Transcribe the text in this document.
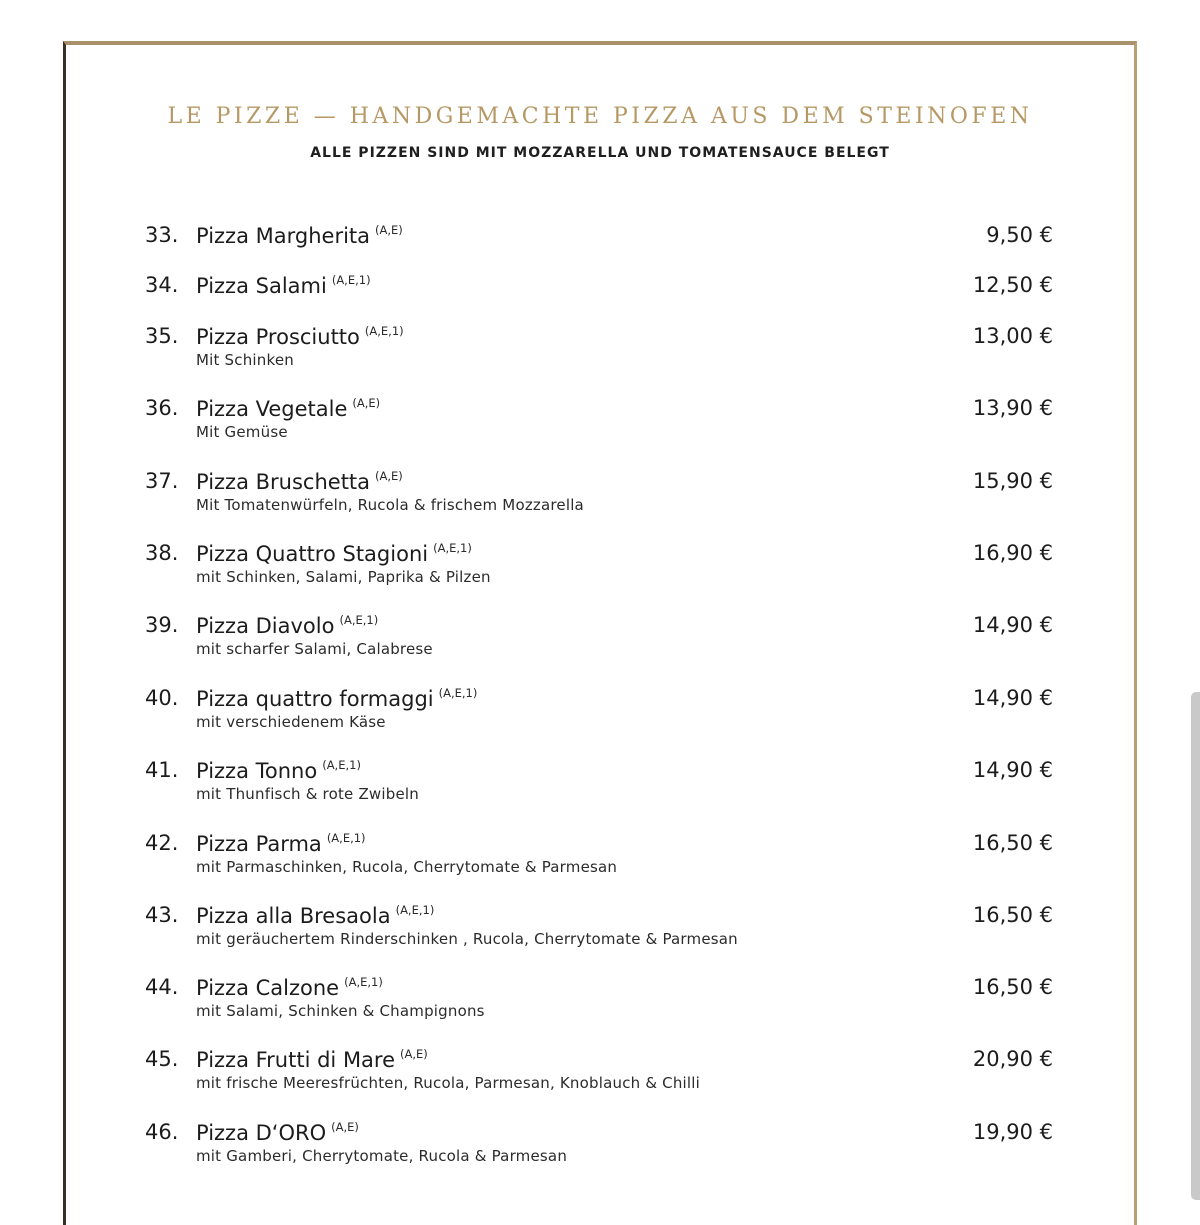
LE PIZZE — HANDGEMACHTE PIZZA AUS DEM STEINOFEN
ALLE PIZZEN SIND MIT MOZZARELLA UND TOMATENSAUCE BELEGT
33. Pizza Margherita $^{(A,E)}$	9,50 €
34. Pizza Salami $^{(A,E,1)}$	12,50 €
35. Pizza Prosciutto $^{(A,E,1)}$	13,00 €
Mit Schinken
36. Pizza Vegetale $^{(A,E)}$	13,90 €
Mit Gemüse
37. Pizza Bruschetta $^{(A,E)}$	15,90 €
Mit Tomatenwürfeln, Rucola & frischem Mozzarella
38. Pizza Quattro Stagioni $^{(A,E,1)}$	16,90 €
mit Schinken, Salami, Paprika & Pilzen
39. Pizza Diavolo $^{(A,E,1)}$	14,90 €
mit scharfer Salami, Calabrese
40. Pizza quattro formaggi $^{(A,E,1)}$	14,90 €
mit verschiedenem Käse
41. Pizza Tonno $^{(A,E,1)}$	14,90 €
mit Thunfisch & rote Zwibeln
42. Pizza Parma $^{(A,E,1)}$	16,50 €
mit Parmaschinken, Rucola, Cherrytomate & Parmesan
43. Pizza alla Bresaola $^{(A,E,1)}$	16,50 €
mit geräuchertem Rinderschinken , Rucola, Cherrytomate & Parmesan
44. Pizza Calzone $^{(A,E,1)}$	16,50 €
mit Salami, Schinken & Champignons
45. Pizza Frutti di Mare $^{(A,E)}$	20,90 €
mit frische Meeresfrüchten, Rucola, Parmesan, Knoblauch & Chilli
46. Pizza D‘ORO $^{(A,E)}$	19,90 €
mit Gamberi, Cherrytomate, Rucola & Parmesan
